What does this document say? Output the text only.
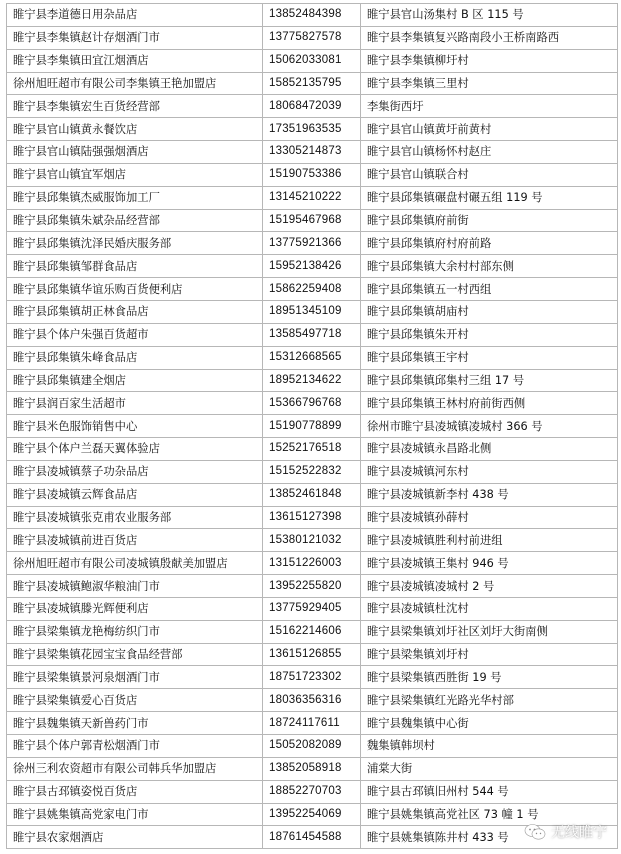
睢宁县李道德日用杂品店	13852484398	睢宁县官山汤集村 B 区 115 号
睢宁县李集镇赵计存烟酒门市	13775827578	睢宁县李集镇复兴路南段小王桥南路西
睢宁县李集镇田宜江烟酒店	15062033081	睢宁县李集镇柳圩村
徐州旭旺超市有限公司李集镇王艳加盟店	15852135795	睢宁县李集镇三里村
睢宁县李集镇宏生百货经营部	18068472039	李集街西圩
睢宁县官山镇黄永餐饮店	17351963535	睢宁县官山镇黄圩前黄村
睢宁县官山镇陆强强烟酒店	13305214873	睢宁县官山镇杨怀村赵庄
睢宁县官山镇宜军烟店	15190753386	睢宁县官山镇联合村
睢宁县邱集镇杰威服饰加工厂	13145210222	睢宁县邱集镇碾盘村碾五组 119 号
睢宁县邱集镇朱斌杂品经营部	15195467968	睢宁县邱集镇府前街
睢宁县邱集镇沈泽民婚庆服务部	13775921366	睢宁县邱集镇府村府前路
睢宁县邱集镇邹群食品店	15952138426	睢宁县邱集镇大余村村部东侧
睢宁县邱集镇华谊乐购百货便利店	15862259408	睢宁县邱集镇五一村西组
睢宁县邱集镇胡正林食品店	18951345109	睢宁县邱集镇胡庙村
睢宁县个体户朱强百货超市	13585497718	睢宁县邱集镇朱开村
睢宁县邱集镇朱峰食品店	15312668565	睢宁县邱集镇王宇村
睢宁县邱集镇建全烟店	18952134622	睢宁县邱集镇邱集村三组 17 号
睢宁县润百家生活超市	15366796768	睢宁县邱集镇王林村府前街西侧
睢宁县米色服饰销售中心	15190778899	徐州市睢宁县凌城镇凌城村 366 号
睢宁县个体户兰磊天翼体验店	15252176518	睢宁县凌城镇永昌路北侧
睢宁县凌城镇蔡子功杂品店	15152522832	睢宁县凌城镇河东村
睢宁县凌城镇云辉食品店	13852461848	睢宁县凌城镇新李村 438 号
睢宁县凌城镇张克甫农业服务部	13615127398	睢宁县凌城镇孙薛村
睢宁县凌城镇前进百货店	15380121032	睢宁县凌城镇胜利村前进组
徐州旭旺超市有限公司凌城镇殷献美加盟店	13151226003	睢宁县凌城镇王集村 946 号
睢宁县凌城镇鲍淑华粮油门市	13952255820	睢宁县凌城镇凌城村 2 号
睢宁县凌城镇滕光辉便利店	13775929405	睢宁县凌城镇杜沈村
睢宁县梁集镇龙艳梅纺织门市	15162214606	睢宁县梁集镇刘圩社区刘圩大街南侧
睢宁县梁集镇花园宝宝食品经营部	13615126855	睢宁县梁集镇刘圩村
睢宁县梁集镇景河泉烟酒门市	18751723302	睢宁县梁集镇西胜街 19 号
睢宁县梁集镇爱心百货店	18036356316	睢宁县梁集镇红光路光华村部
睢宁县魏集镇天新兽药门市	18724117611	睢宁县魏集镇中心街
睢宁县个体户郭青松烟酒门市	15052082089	魏集镇韩坝村
徐州三利农资超市有限公司韩兵华加盟店	13852058918	浦棠大街
睢宁县古邳镇姿悦百货店	18852270703	睢宁县古邳镇旧州村 544 号
睢宁县姚集镇高党家电门市	13952254069	睢宁县姚集镇高党社区 73 幢 1 号
睢宁县农家烟酒店	18761454588	睢宁县姚集镇陈井村 433 号	无线睢宁
